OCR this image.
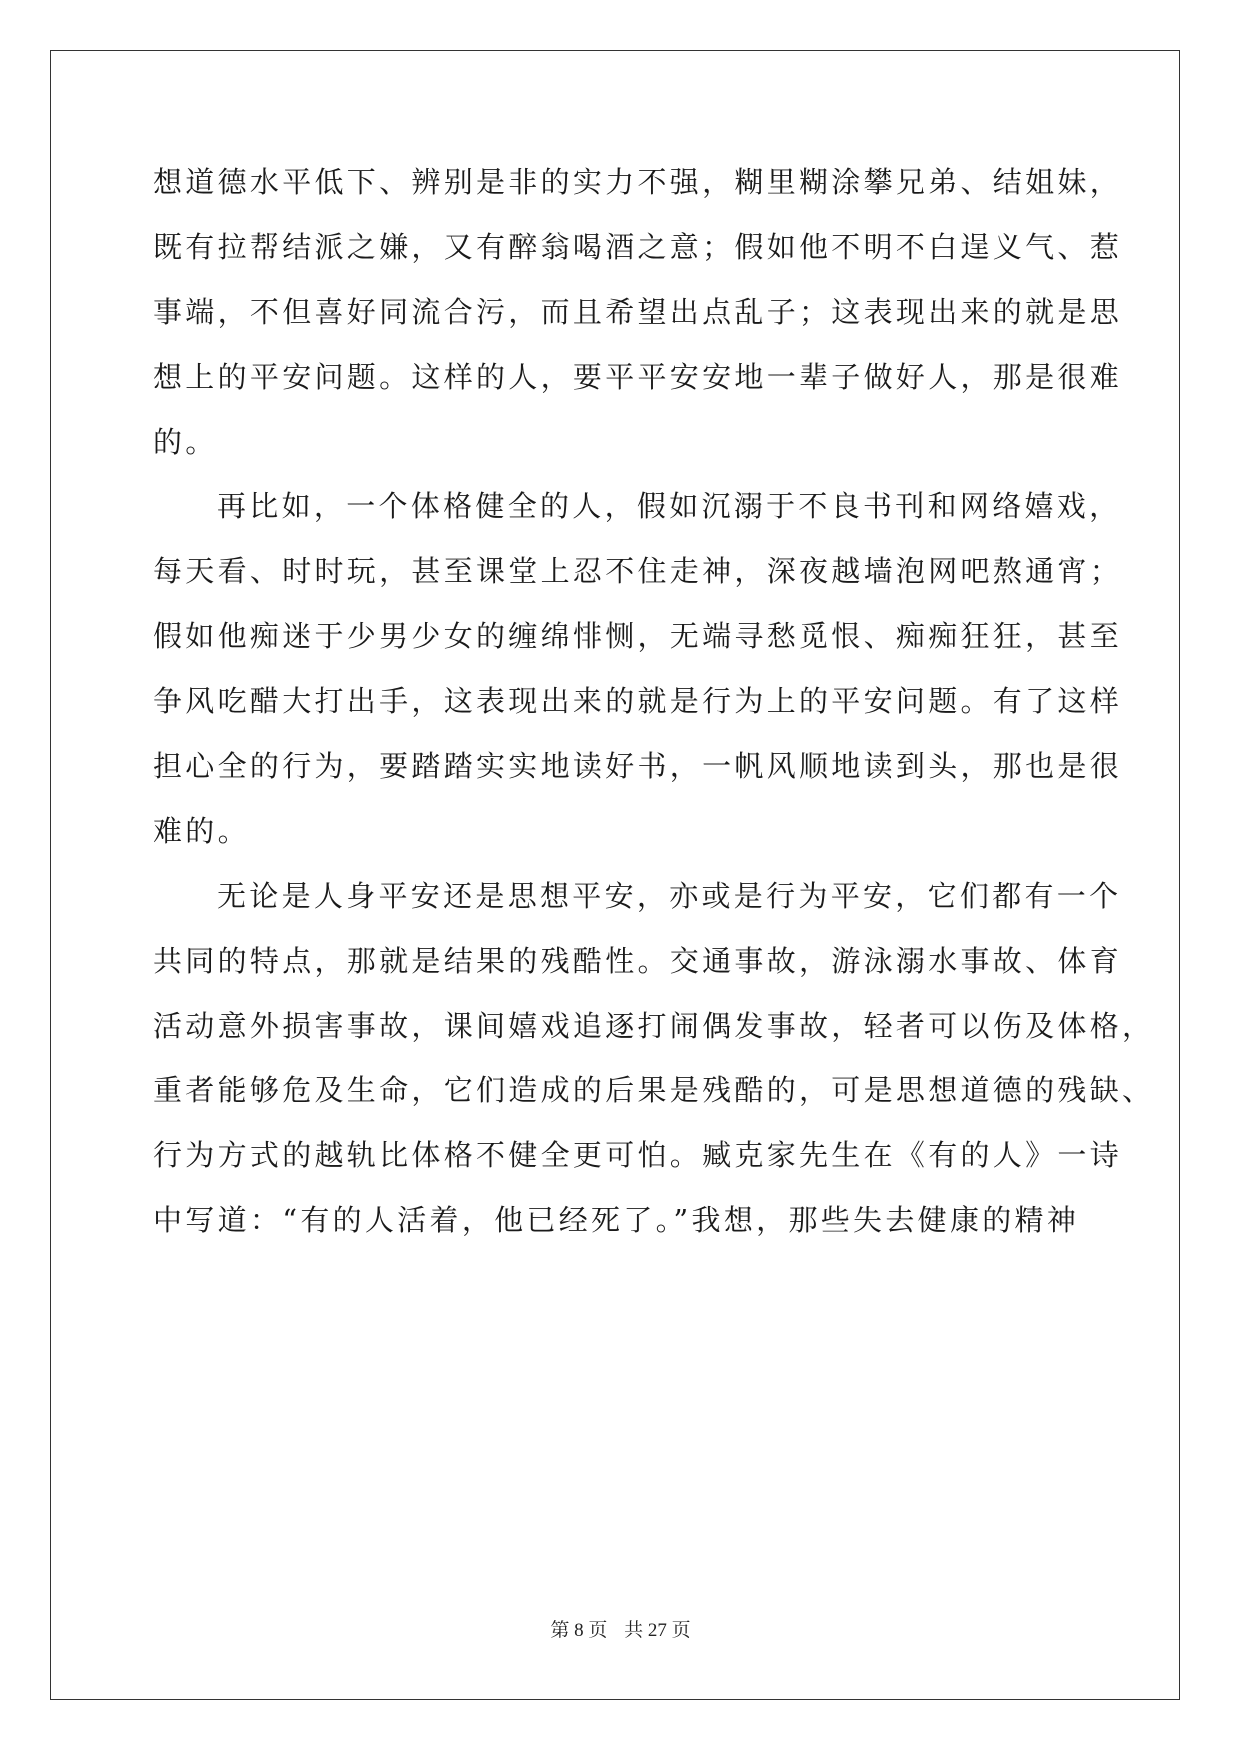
想道德水平低下、辨别是非的实力不强，糊里糊涂攀兄弟、结姐妹，
既有拉帮结派之嫌，又有醉翁喝酒之意；假如他不明不白逞义气、惹
事端，不但喜好同流合污，而且希望出点乱子；这表现出来的就是思
想上的平安问题。这样的人，要平平安安地一辈子做好人，那是很难
的。
再比如，一个体格健全的人，假如沉溺于不良书刊和网络嬉戏，
每天看、时时玩，甚至课堂上忍不住走神，深夜越墙泡网吧熬通宵；
假如他痴迷于少男少女的缠绵悱恻，无端寻愁觅恨、痴痴狂狂，甚至
争风吃醋大打出手，这表现出来的就是行为上的平安问题。有了这样
担心全的行为，要踏踏实实地读好书，一帆风顺地读到头，那也是很
难的。
无论是人身平安还是思想平安，亦或是行为平安，它们都有一个
共同的特点，那就是结果的残酷性。交通事故，游泳溺水事故、体育
活动意外损害事故，课间嬉戏追逐打闹偶发事故，轻者可以伤及体格，
重者能够危及生命，它们造成的后果是残酷的，可是思想道德的残缺、
行为方式的越轨比体格不健全更可怕。臧克家先生在《有的人》一诗
中写道：“有的人活着，他已经死了。”我想，那些失去健康的精神
第 8 页 共 27 页
